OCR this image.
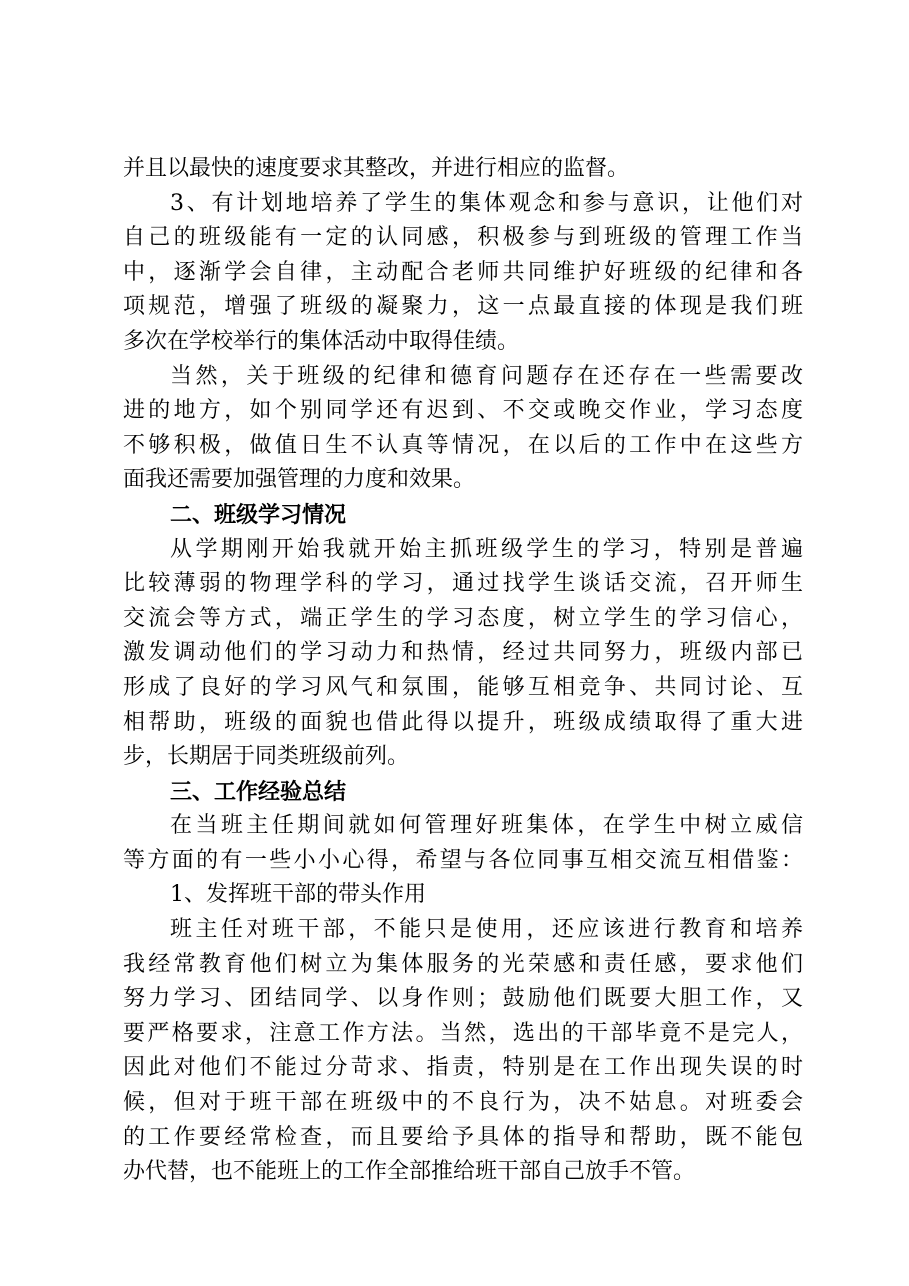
并且以最快的速度要求其整改，并进行相应的监督。
3、有计划地培养了学生的集体观念和参与意识，让他们对
自己的班级能有一定的认同感，积极参与到班级的管理工作当
中，逐渐学会自律，主动配合老师共同维护好班级的纪律和各
项规范，增强了班级的凝聚力，这一点最直接的体现是我们班
多次在学校举行的集体活动中取得佳绩。
当然，关于班级的纪律和德育问题存在还存在一些需要改
进的地方，如个别同学还有迟到、不交或晚交作业，学习态度
不够积极，做值日生不认真等情况，在以后的工作中在这些方
面我还需要加强管理的力度和效果。
二、班级学习情况
从学期刚开始我就开始主抓班级学生的学习，特别是普遍
比较薄弱的物理学科的学习，通过找学生谈话交流，召开师生
交流会等方式，端正学生的学习态度，树立学生的学习信心，
激发调动他们的学习动力和热情，经过共同努力，班级内部已
形成了良好的学习风气和氛围，能够互相竞争、共同讨论、互
相帮助，班级的面貌也借此得以提升，班级成绩取得了重大进
步，长期居于同类班级前列。
三、工作经验总结
在当班主任期间就如何管理好班集体，在学生中树立威信
等方面的有一些小小心得，希望与各位同事互相交流互相借鉴：
1、发挥班干部的带头作用
班主任对班干部，不能只是使用，还应该进行教育和培养
我经常教育他们树立为集体服务的光荣感和责任感，要求他们
努力学习、团结同学、以身作则；鼓励他们既要大胆工作，又
要严格要求，注意工作方法。当然，选出的干部毕竟不是完人，
因此对他们不能过分苛求、指责，特别是在工作出现失误的时
候，但对于班干部在班级中的不良行为，决不姑息。对班委会
的工作要经常检查，而且要给予具体的指导和帮助，既不能包
办代替，也不能班上的工作全部推给班干部自己放手不管。
